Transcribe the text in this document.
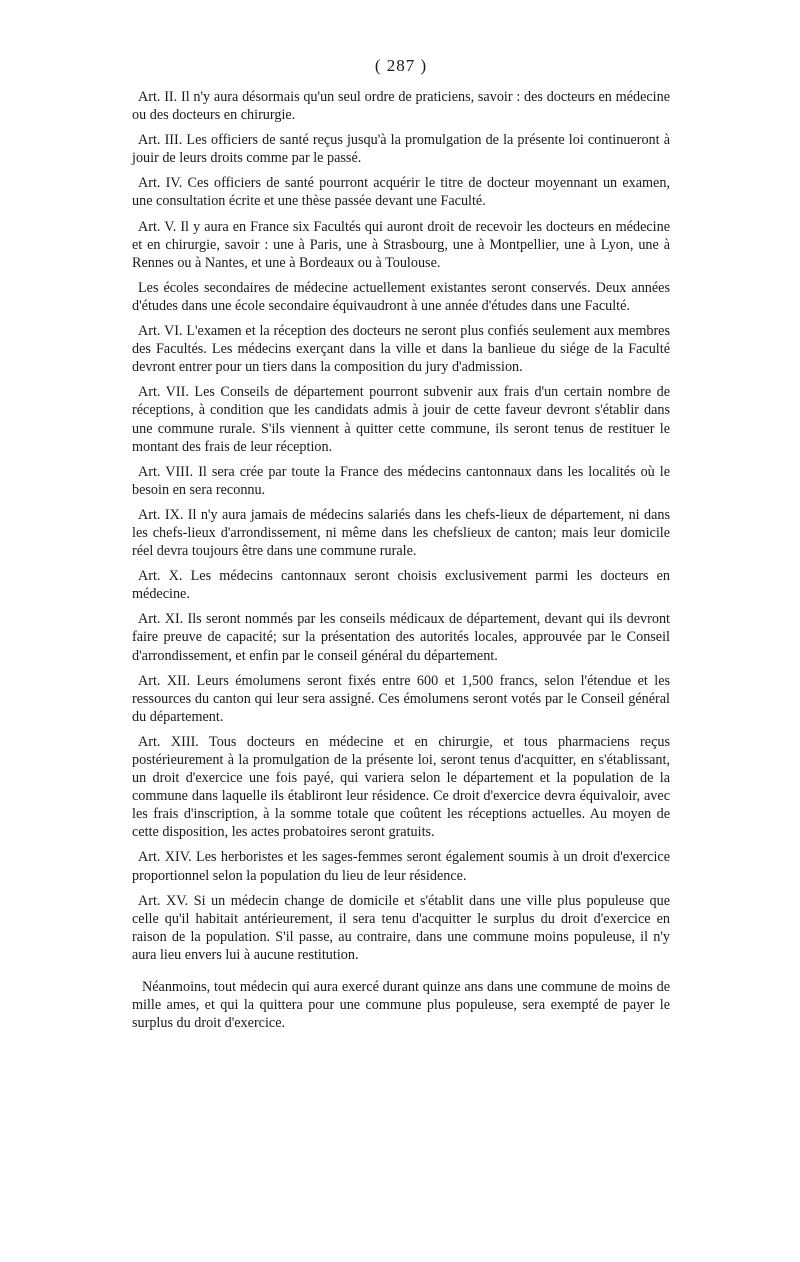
( 287 )

Art. II. Il n'y aura désormais qu'un seul ordre de praticiens, savoir : des docteurs en médecine ou des docteurs en chirurgie.

Art. III. Les officiers de santé reçus jusqu'à la promulgation de la présente loi continueront à jouir de leurs droits comme par le passé.

Art. IV. Ces officiers de santé pourront acquérir le titre de docteur moyennant un examen, une consultation écrite et une thèse passée devant une Faculté.

Art. V. Il y aura en France six Facultés qui auront droit de recevoir les docteurs en médecine et en chirurgie, savoir : une à Paris, une à Strasbourg, une à Montpellier, une à Lyon, une à Rennes ou à Nantes, et une à Bordeaux ou à Toulouse.

Les écoles secondaires de médecine actuellement existantes seront conservés. Deux années d'études dans une école secondaire équivaudront à une année d'études dans une Faculté.

Art. VI. L'examen et la réception des docteurs ne seront plus confiés seulement aux membres des Facultés. Les médecins exerçant dans la ville et dans la banlieue du siége de la Faculté devront entrer pour un tiers dans la composition du jury d'admission.

Art. VII. Les Conseils de département pourront subvenir aux frais d'un certain nombre de réceptions, à condition que les candidats admis à jouir de cette faveur devront s'établir dans une commune rurale. S'ils viennent à quitter cette commune, ils seront tenus de restituer le montant des frais de leur réception.

Art. VIII. Il sera crée par toute la France des médecins cantonnaux dans les localités où le besoin en sera reconnu.

Art. IX. Il n'y aura jamais de médecins salariés dans les chefs-lieux de département, ni dans les chefs-lieux d'arrondissement, ni même dans les chefslieux de canton; mais leur domicile réel devra toujours être dans une commune rurale.

Art. X. Les médecins cantonnaux seront choisis exclusivement parmi les docteurs en médecine.

Art. XI. Ils seront nommés par les conseils médicaux de département, devant qui ils devront faire preuve de capacité; sur la présentation des autorités locales, approuvée par le Conseil d'arrondissement, et enfin par le conseil général du département.

Art. XII. Leurs émolumens seront fixés entre 600 et 1,500 francs, selon l'étendue et les ressources du canton qui leur sera assigné. Ces émolumens seront votés par le Conseil général du département.

Art. XIII. Tous docteurs en médecine et en chirurgie, et tous pharmaciens reçus postérieurement à la promulgation de la présente loi, seront tenus d'acquitter, en s'établissant, un droit d'exercice une fois payé, qui variera selon le département et la population de la commune dans laquelle ils établiront leur résidence. Ce droit d'exercice devra équivaloir, avec les frais d'inscription, à la somme totale que coûtent les réceptions actuelles. Au moyen de cette disposition, les actes probatoires seront gratuits.

Art. XIV. Les herboristes et les sages-femmes seront également soumis à un droit d'exercice proportionnel selon la population du lieu de leur résidence.

Art. XV. Si un médecin change de domicile et s'établit dans une ville plus populeuse que celle qu'il habitait antérieurement, il sera tenu d'acquitter le surplus du droit d'exercice en raison de la population. S'il passe, au contraire, dans une commune moins populeuse, il n'y aura lieu envers lui à aucune restitution.

Néanmoins, tout médecin qui aura exercé durant quinze ans dans une commune de moins de mille ames, et qui la quittera pour une commune plus populeuse, sera exempté de payer le surplus du droit d'exercice.
